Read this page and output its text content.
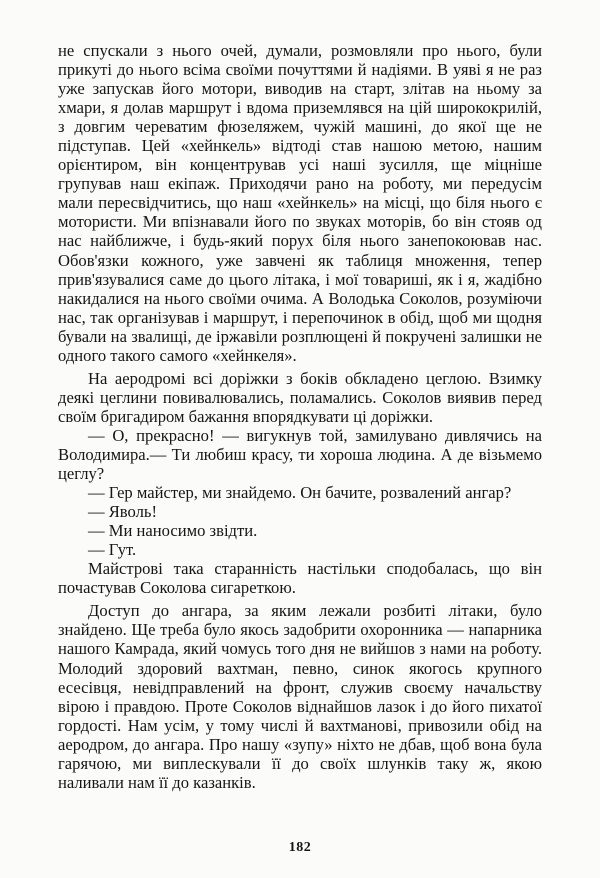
не спускали з нього очей, думали, розмовляли про нього, були прикуті до нього всіма своїми почуттями й надіями. В уяві я не раз уже запускав його мотори, виводив на старт, злітав на ньому за хмари, я долав маршрут і вдома приземлявся на цій ширококрилій, з довгим череватим фюзеляжем, чужій машині, до якої ще не підступав. Цей «хейнкель» відтоді став нашою метою, нашим орієнтиром, він концентрував усі наші зусилля, ще міцніше групував наш екіпаж. Приходячи рано на роботу, ми передусім мали пересвідчитись, що наш «хейнкель» на місці, що біля нього є мотористи. Ми впізнавали його по звуках моторів, бо він стояв од нас найближче, і будь-який порух біля нього занепокоював нас. Обов'язки кожного, уже завчені як таблиця множення, тепер прив'язувалися саме до цього літака, і мої товариші, як і я, жадібно накидалися на нього своїми очима. А Володька Соколов, розуміючи нас, так організував і маршрут, і перепочинок в обід, щоб ми щодня бували на звалищі, де іржавіли розплющені й покручені залишки не одного такого самого «хейнкеля».

На аеродромі всі доріжки з боків обкладено цеглою. Взимку деякі цеглини повивалювались, поламались. Соколов виявив перед своїм бригадиром бажання впорядкувати ці доріжки.

— О, прекрасно! — вигукнув той, замилувано дивлячись на Володимира.— Ти любиш красу, ти хороша людина. А де візьмемо цеглу?

— Гер майстер, ми знайдемо. Он бачите, розвалений ангар?

— Яволь!

— Ми наносимо звідти.

— Гут.

Майстрові така старанність настільки сподобалась, що він почастував Соколова сигареткою.

Доступ до ангара, за яким лежали розбиті літаки, було знайдено. Ще треба було якось задобрити охоронника — напарника нашого Камрада, який чомусь того дня не вийшов з нами на роботу. Молодий здоровий вахтман, певно, синок якогось крупного есесівця, невідправлений на фронт, служив своєму начальству вірою і правдою. Проте Соколов віднайшов лазок і до його пихатої гордості. Нам усім, у тому числі й вахтманові, привозили обід на аеродром, до ангара. Про нашу «зупу» ніхто не дбав, щоб вона була гарячою, ми виплескували її до своїх шлунків таку ж, якою наливали нам її до казанків.

182
